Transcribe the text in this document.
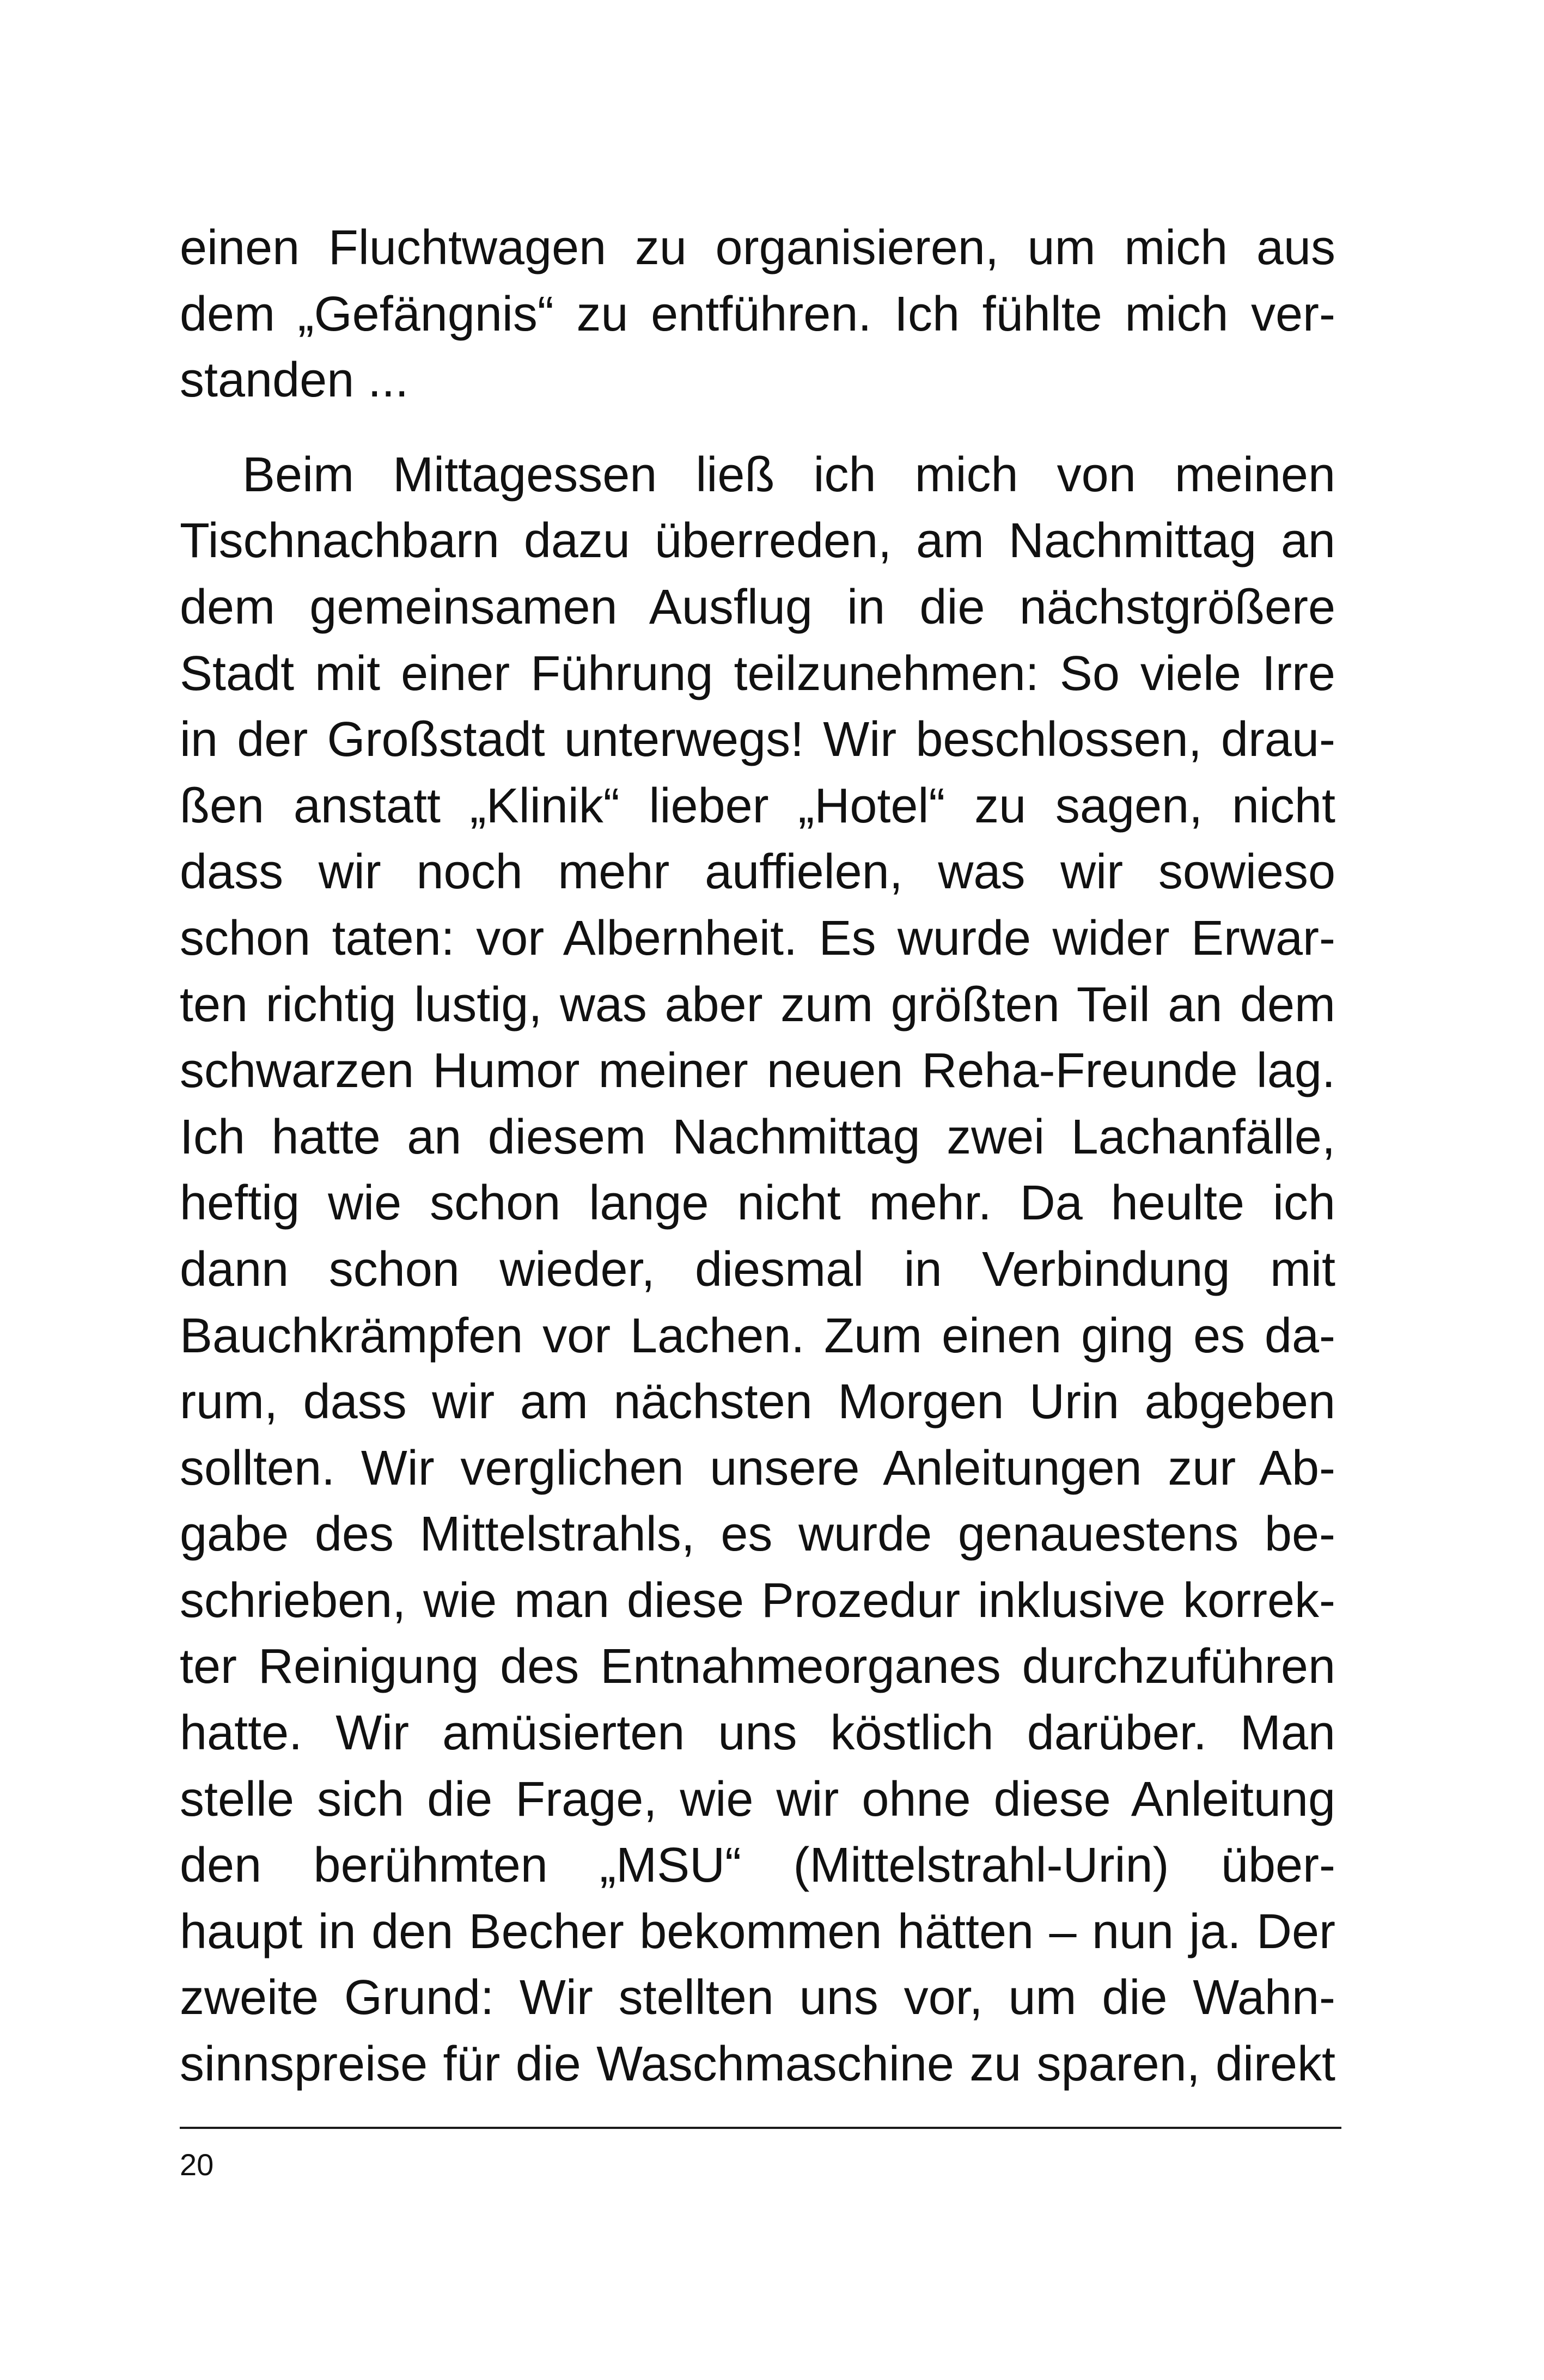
einen Fluchtwagen zu organisieren, um mich aus
dem „Gefängnis“ zu entführen. Ich fühlte mich ver-
standen ...
Beim Mittagessen ließ ich mich von meinen
Tischnachbarn dazu überreden, am Nachmittag an
dem gemeinsamen Ausflug in die nächstgrößere
Stadt mit einer Führung teilzunehmen: So viele Irre
in der Großstadt unterwegs! Wir beschlossen, drau-
ßen anstatt „Klinik“ lieber „Hotel“ zu sagen, nicht
dass wir noch mehr auffielen, was wir sowieso
schon taten: vor Albernheit. Es wurde wider Erwar-
ten richtig lustig, was aber zum größten Teil an dem
schwarzen Humor meiner neuen Reha-Freunde lag.
Ich hatte an diesem Nachmittag zwei Lachanfälle,
heftig wie schon lange nicht mehr. Da heulte ich
dann schon wieder, diesmal in Verbindung mit
Bauchkrämpfen vor Lachen. Zum einen ging es da-
rum, dass wir am nächsten Morgen Urin abgeben
sollten. Wir verglichen unsere Anleitungen zur Ab-
gabe des Mittelstrahls, es wurde genauestens be-
schrieben, wie man diese Prozedur inklusive korrek-
ter Reinigung des Entnahmeorganes durchzuführen
hatte. Wir amüsierten uns köstlich darüber. Man
stelle sich die Frage, wie wir ohne diese Anleitung
den berühmten „MSU“ (Mittelstrahl-Urin) über-
haupt in den Becher bekommen hätten – nun ja. Der
zweite Grund: Wir stellten uns vor, um die Wahn-
sinnspreise für die Waschmaschine zu sparen, direkt
20
